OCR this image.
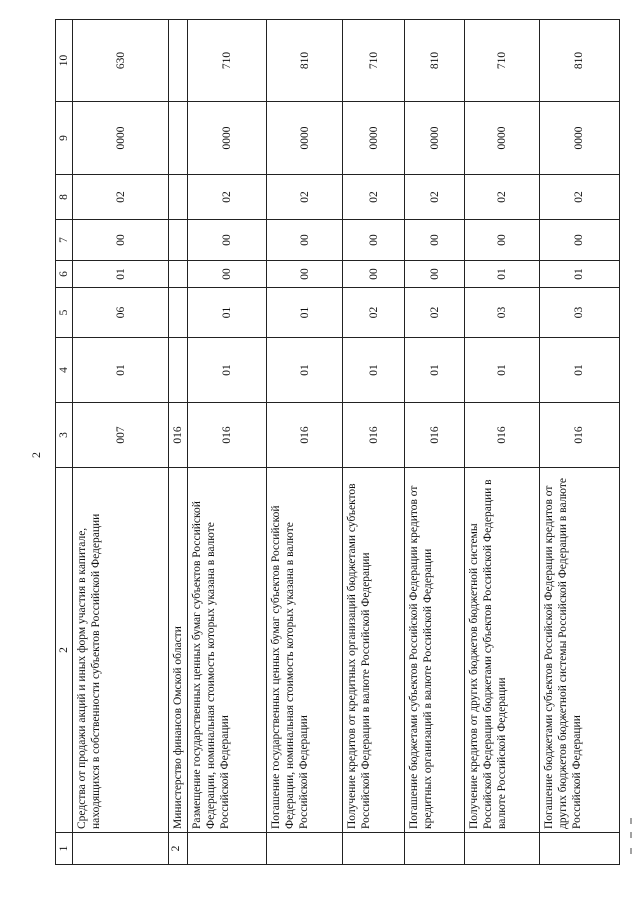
2
1	2	3	4	5	6	7	8	9	10
	Средства от продажи акций и иных форм участия в капитале, находящихся в собственности субъектов Российской Федерации	007	01	06	01	00	02	0000	630
2	Министерство финансов Омской области	016							
	Размещение государственных ценных бумаг субъектов Российской Федерации, номинальная стоимость которых указана в валюте Российской Федерации	016	01	01	00	00	02	0000	710
	Погашение государственных ценных бумаг субъектов Российской Федерации, номинальная стоимость которых указана в валюте Российской Федерации	016	01	01	00	00	02	0000	810
	Получение кредитов от кредитных организаций бюджетами субъектов Российской Федерации в валюте Российской Федерации	016	01	02	00	00	02	0000	710
	Погашение бюджетами субъектов Российской Федерации кредитов от кредитных организаций в валюте Российской Федерации	016	01	02	00	00	02	0000	810
	Получение кредитов от других бюджетов бюджетной системы Российской Федерации бюджетами субъектов Российской Федерации в валюте Российской Федерации	016	01	03	01	00	02	0000	710
	Погашение бюджетами субъектов Российской Федерации кредитов от других бюджетов бюджетной системы Российской Федерации в валюте Российской Федерации	016	01	03	01	00	02	0000	810
